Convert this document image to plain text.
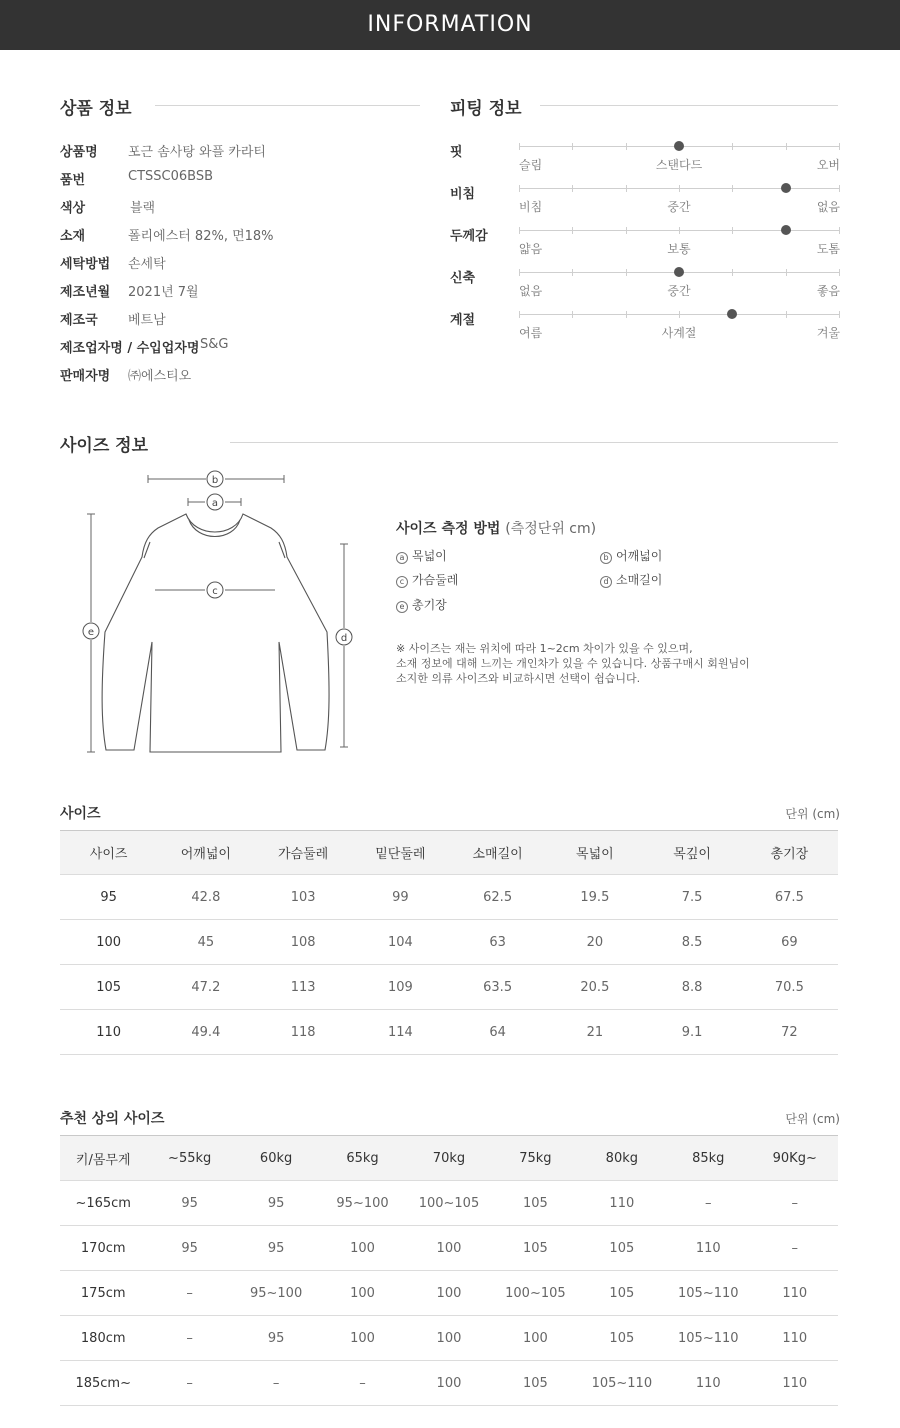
INFORMATION
상품 정보
상품명 포근 솜사탕 와플 카라티
품번	CTSSC06BSB
색상	블랙
소재	폴리에스터 82%, 면18%
세탁방법 손세탁
제조년월 2021년 7월
제조국 베트남
제조업자명 / 수입업자명 S&G
판매자명 ㈜에스티오
피팅 정보
핏
슬림	스탠다드	오버
비침
비침	중간	없음
두께감
얇음	보통	도톰
신축
없음	중간	좋음
계절
여름	사계절	겨울
사이즈 정보
b
a
c
e
d
사이즈 측정 방법 (측정단위 cm)
a 목넓이	b 어깨넓이
c 가슴둘레	d 소매길이
e 총기장
※ 사이즈는 재는 위치에 따라 1~2cm 차이가 있을 수 있으며,
소재 정보에 대해 느끼는 개인차가 있을 수 있습니다. 상품구매시 회원님이
소지한 의류 사이즈와 비교하시면 선택이 쉽습니다.
사이즈	단위 (cm)
사이즈	어깨넓이	가슴둘레	밑단둘레	소매길이	목넓이	목깊이	총기장
95	42.8	103	99	62.5	19.5	7.5	67.5
100	45	108	104	63	20	8.5	69
105	47.2	113	109	63.5	20.5	8.8	70.5
110	49.4	118	114	64	21	9.1	72
추천 상의 사이즈	단위 (cm)
키/몸무게	~55kg	60kg	65kg	70kg	75kg	80kg	85kg	90Kg~
~165cm	95	95	95~100	100~105	105	110	–	–
170cm	95	95	100	100	105	105	110	–
175cm	–	95~100	100	100	100~105	105	105~110	110
180cm	–	95	100	100	100	105	105~110	110
185cm~	–	–	–	100	105	105~110	110	110
